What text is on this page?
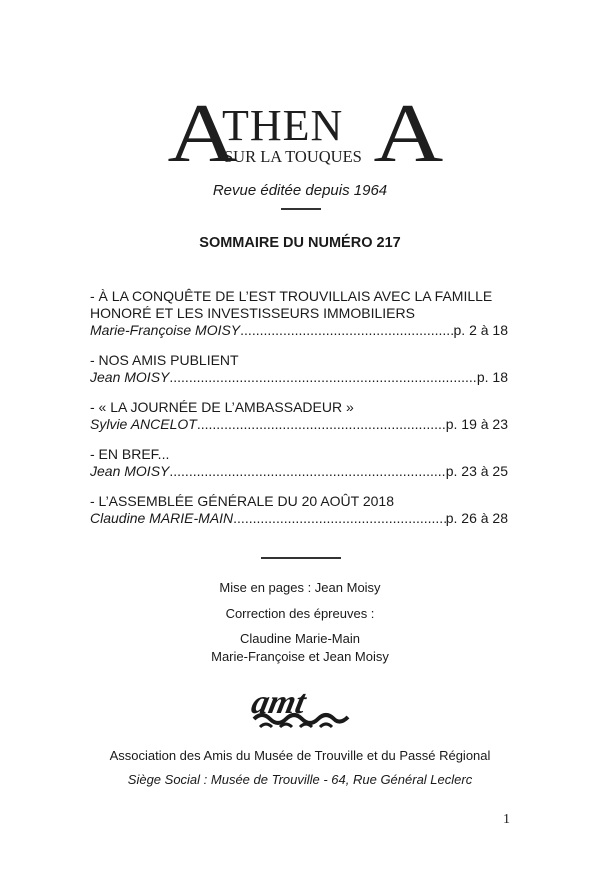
A
THEN A
SUR LA TOUQUES
Revue éditée depuis 1964
SOMMAIRE DU NUMÉRO 217
- À LA CONQUÊTE DE L’EST TROUVILLAIS AVEC LA FAMILLE
HONORÉ ET LES INVESTISSEURS IMMOBILIERS
Marie-Françoise MOISY .....	p. 2 à 18
- NOS AMIS PUBLIENT
Jean MOISY .....	p. 18
- « LA JOURNÉE DE L’AMBASSADEUR »
Sylvie ANCELOT .....	p. 19 à 23
- EN BREF...
Jean MOISY .....	p. 23 à 25
- L’ASSEMBLÉE GÉNÉRALE DU 20 AOÛT 2018
Claudine MARIE-MAIN .....	p. 26 à 28
Mise en pages : Jean Moisy
Correction des épreuves :
Claudine Marie-Main
Marie-Françoise et Jean Moisy
amt
Association des Amis du Musée de Trouville et du Passé Régional
Siège Social : Musée de Trouville - 64, Rue Général Leclerc
1
